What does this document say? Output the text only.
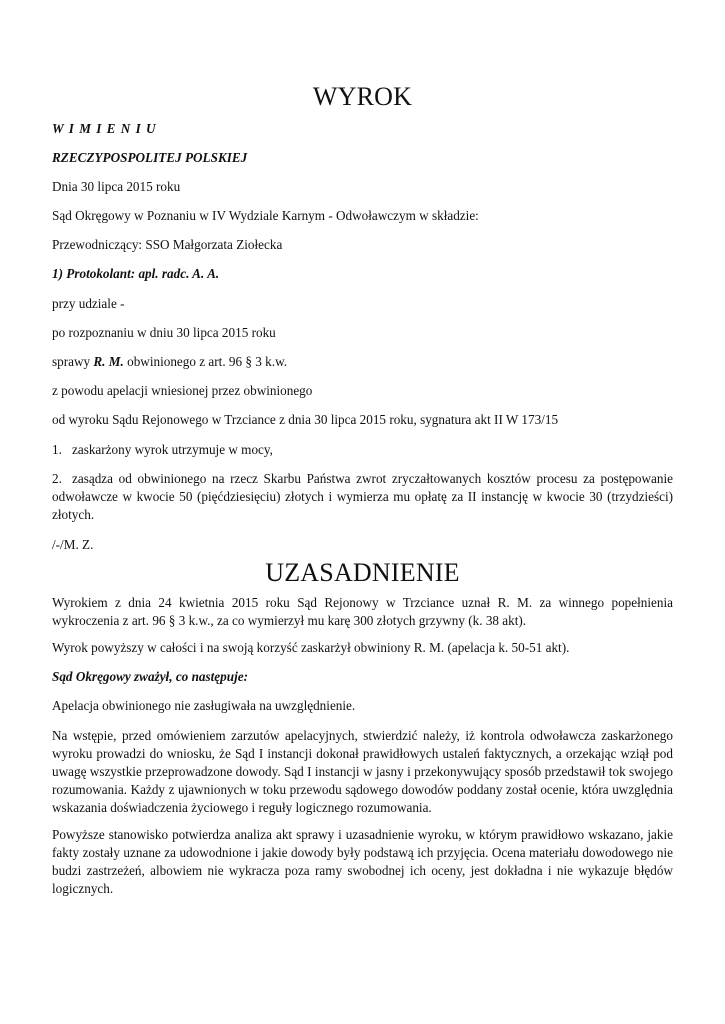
WYROK

W I M I E N I U

RZECZYPOSPOLITEJ POLSKIEJ

Dnia 30 lipca 2015 roku

Sąd Okręgowy w Poznaniu w IV Wydziale Karnym - Odwoławczym w składzie:

Przewodniczący: SSO Małgorzata Ziołecka

1) Protokolant: apl. radc. A. A.

przy udziale -

po rozpoznaniu w dniu 30 lipca 2015 roku

sprawy R. M. obwinionego z art. 96 § 3 k.w.

z powodu apelacji wniesionej przez obwinionego

od wyroku Sądu Rejonowego w Trzciance z dnia 30 lipca 2015 roku, sygnatura akt II W 173/15

1. zaskarżony wyrok utrzymuje w mocy,

2. zasądza od obwinionego na rzecz Skarbu Państwa zwrot zryczałtowanych kosztów procesu za postępowanie odwoławcze w kwocie 50 (pięćdziesięciu) złotych i wymierza mu opłatę za II instancję w kwocie 30 (trzydzieści) złotych.

/-/M. Z.

UZASADNIENIE

Wyrokiem z dnia 24 kwietnia 2015 roku Sąd Rejonowy w Trzciance uznał R. M. za winnego popełnienia wykroczenia z art. 96 § 3 k.w., za co wymierzył mu karę 300 złotych grzywny (k. 38 akt).

Wyrok powyższy w całości i na swoją korzyść zaskarżył obwiniony R. M. (apelacja k. 50-51 akt).

Sąd Okręgowy zważył, co następuje:

Apelacja obwinionego nie zasługiwała na uwzględnienie.

Na wstępie, przed omówieniem zarzutów apelacyjnych, stwierdzić należy, iż kontrola odwoławcza zaskarżonego wyroku prowadzi do wniosku, że Sąd I instancji dokonał prawidłowych ustaleń faktycznych, a orzekając wziął pod uwagę wszystkie przeprowadzone dowody. Sąd I instancji w jasny i przekonywujący sposób przedstawił tok swojego rozumowania. Każdy z ujawnionych w toku przewodu sądowego dowodów poddany został ocenie, która uwzględnia wskazania doświadczenia życiowego i reguły logicznego rozumowania.

Powyższe stanowisko potwierdza analiza akt sprawy i uzasadnienie wyroku, w którym prawidłowo wskazano, jakie fakty zostały uznane za udowodnione i jakie dowody były podstawą ich przyjęcia. Ocena materiału dowodowego nie budzi zastrzeżeń, albowiem nie wykracza poza ramy swobodnej ich oceny, jest dokładna i nie wykazuje błędów logicznych.
